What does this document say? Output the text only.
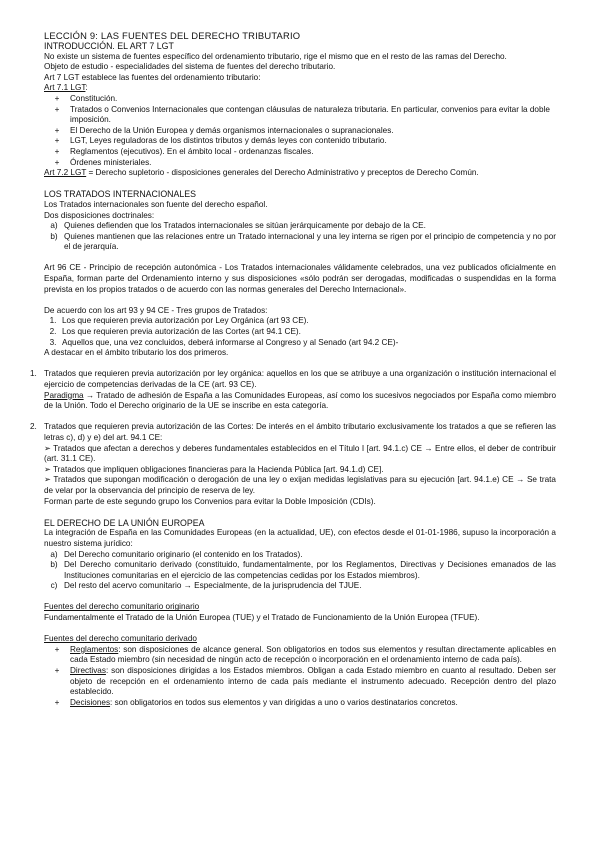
LECCIÓN 9: LAS FUENTES DEL DERECHO TRIBUTARIO
INTRODUCCIÓN. EL ART 7 LGT

No existe un sistema de fuentes específico del ordenamiento tributario, rige el mismo que en el resto de las ramas del Derecho.

Objeto de estudio - especialidades del sistema de fuentes del derecho tributario.

Art 7 LGT establece las fuentes del ordenamiento tributario:

Art 7.1 LGT:

+	Constitución.
+	Tratados o Convenios Internacionales que contengan cláusulas de naturaleza tributaria. En particular, convenios para evitar la doble imposición.
+	El Derecho de la Unión Europea y demás organismos internacionales o supranacionales.
+	LGT, Leyes reguladoras de los distintos tributos y demás leyes con contenido tributario.
+	Reglamentos (ejecutivos). En el ámbito local - ordenanzas fiscales.
+	Órdenes ministeriales.

Art 7.2 LGT = Derecho supletorio - disposiciones generales del Derecho Administrativo y preceptos de Derecho Común.

LOS TRATADOS INTERNACIONALES

Los Tratados internacionales son fuente del derecho español.

Dos disposiciones doctrinales:

a) Quienes defienden que los Tratados internacionales se sitúan jerárquicamente por debajo de la CE.
b) Quienes mantienen que las relaciones entre un Tratado internacional y una ley interna se rigen por el principio de competencia y no por el de jerarquía.

Art 96 CE - Principio de recepción autonómica - Los Tratados internacionales válidamente celebrados, una vez publicados oficialmente en España, forman parte del Ordenamiento interno y sus disposiciones «sólo podrán ser derogadas, modificadas o suspendidas en la forma prevista en los propios tratados o de acuerdo con las normas generales del Derecho Internacional».

De acuerdo con los art 93 y 94 CE - Tres grupos de Tratados:

1. Los que requieren previa autorización por Ley Orgánica (art 93 CE).
2. Los que requieren previa autorización de las Cortes (art 94.1 CE).
3. Aquellos que, una vez concluidos, deberá informarse al Congreso y al Senado (art 94.2 CE)-

A destacar en el ámbito tributario los dos primeros.

1. Tratados que requieren previa autorización por ley orgánica: aquellos en los que se atribuye a una organización o institución internacional el ejercicio de competencias derivadas de la CE (art. 93 CE).

Paradigma → Tratado de adhesión de España a las Comunidades Europeas, así como los sucesivos negociados por España como miembro de la Unión. Todo el Derecho originario de la UE se inscribe en esta categoría.

2. Tratados que requieren previa autorización de las Cortes: De interés en el ámbito tributario exclusivamente los tratados a que se refieren las letras c), d) y e) del art. 94.1 CE:

➢ Tratados que afectan a derechos y deberes fundamentales establecidos en el Título I [art. 94.1.c) CE → Entre ellos, el deber de contribuir (art. 31.1 CE).

➢ Tratados que impliquen obligaciones financieras para la Hacienda Pública [art. 94.1.d) CE].

➢ Tratados que supongan modificación o derogación de una ley o exijan medidas legislativas para su ejecución [art. 94.1.e) CE → Se trata de velar por la observancia del principio de reserva de ley.

Forman parte de este segundo grupo los Convenios para evitar la Doble Imposición (CDIs).

EL DERECHO DE LA UNIÓN EUROPEA

La integración de España en las Comunidades Europeas (en la actualidad, UE), con efectos desde el 01-01-1986, supuso la incorporación a nuestro sistema jurídico:

a) Del Derecho comunitario originario (el contenido en los Tratados).
b) Del Derecho comunitario derivado (constituido, fundamentalmente, por los Reglamentos, Directivas y Decisiones emanados de las Instituciones comunitarias en el ejercicio de las competencias cedidas por los Estados miembros).
c) Del resto del acervo comunitario → Especialmente, de la jurisprudencia del TJUE.

Fuentes del derecho comunitario originario

Fundamentalmente el Tratado de la Unión Europea (TUE) y el Tratado de Funcionamiento de la Unión Europea (TFUE).

Fuentes del derecho comunitario derivado

+	Reglamentos: son disposiciones de alcance general. Son obligatorios en todos sus elementos y resultan directamente aplicables en cada Estado miembro (sin necesidad de ningún acto de recepción o incorporación en el ordenamiento interno de cada país).
+	Directivas: son disposiciones dirigidas a los Estados miembros. Obligan a cada Estado miembro en cuanto al resultado. Deben ser objeto de recepción en el ordenamiento interno de cada país mediante el instrumento adecuado. Recepción dentro del plazo establecido.
+	Decisiones: son obligatorios en todos sus elementos y van dirigidas a uno o varios destinatarios concretos.
